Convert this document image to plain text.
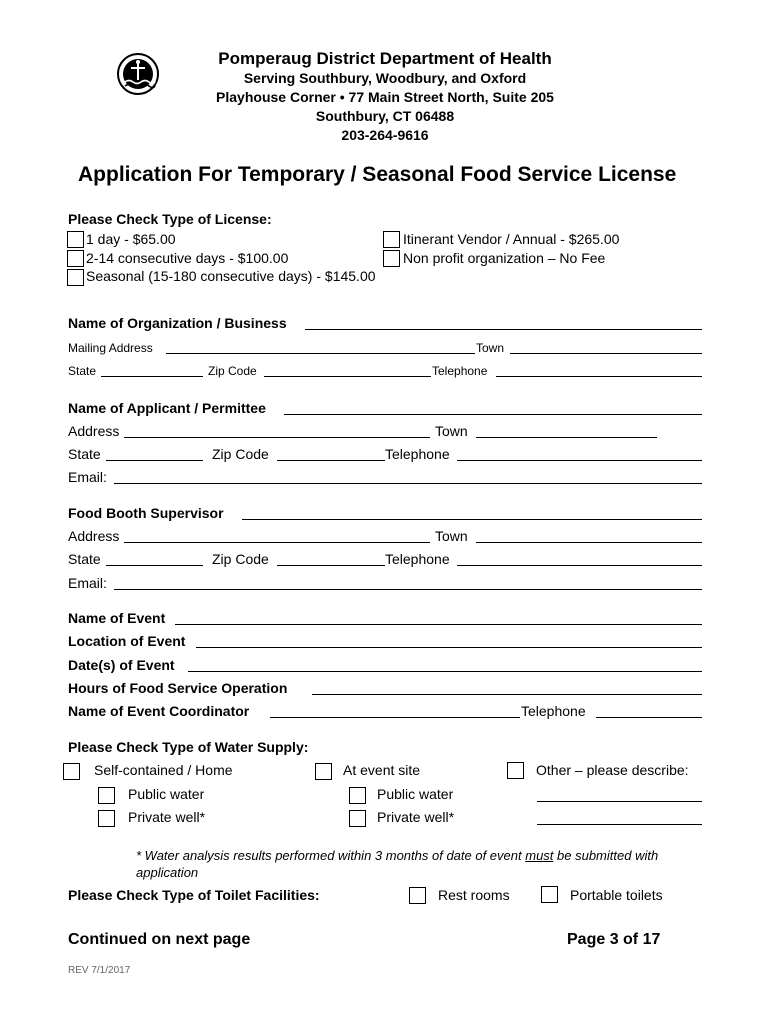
Pomperaug District Department of Health
Serving Southbury, Woodbury, and Oxford
Playhouse Corner • 77 Main Street North, Suite 205
Southbury, CT 06488
203-264-9616
Application For Temporary / Seasonal Food Service License
Please Check Type of License:
1 day - $65.00
2-14 consecutive days - $100.00
Seasonal (15-180 consecutive days) - $145.00
Itinerant Vendor / Annual - $265.00
Non profit organization – No Fee
Name of Organization / Business
Mailing Address	Town
State	Zip Code	Telephone
Name of Applicant / Permittee
Address	Town
State	Zip Code	Telephone
Email:
Food Booth Supervisor
Address	Town
State	Zip Code	Telephone
Email:
Name of Event
Location of Event
Date(s) of Event
Hours of Food Service Operation
Name of Event Coordinator	Telephone
Please Check Type of Water Supply:
Self-contained / Home	At event site	Other – please describe:
Public water	Public water
Private well*	Private well*
* Water analysis results performed within 3 months of date of event must be submitted with
application
Please Check Type of Toilet Facilities:	Rest rooms	Portable toilets
Continued on next page	Page 3 of 17
REV 7/1/2017
